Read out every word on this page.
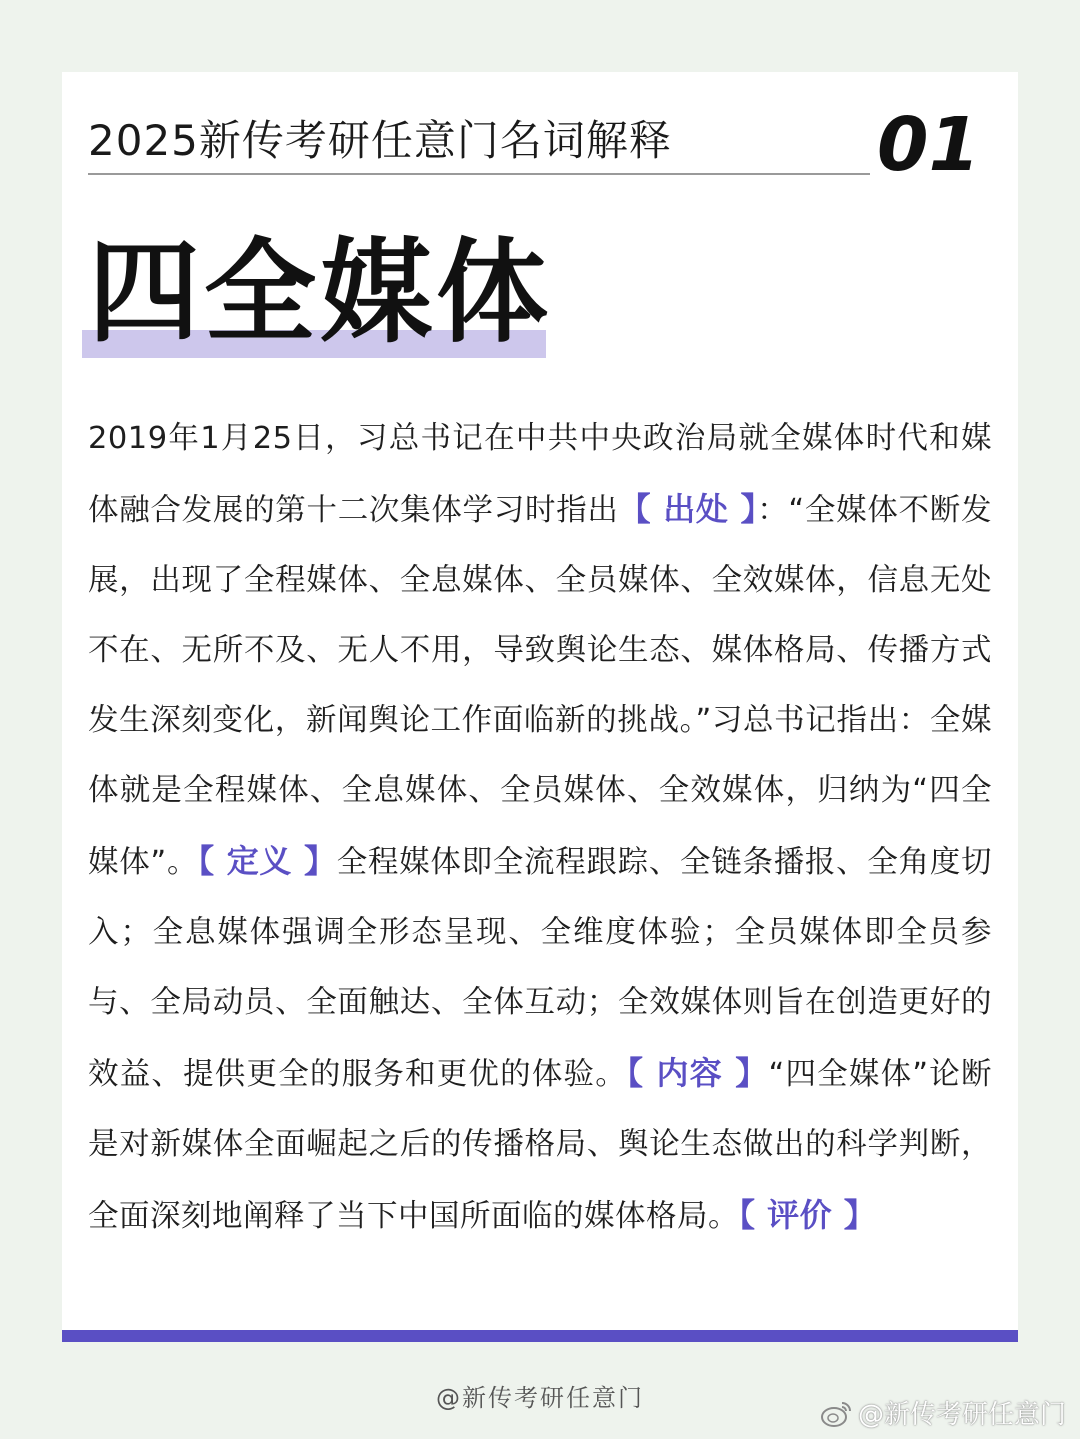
2025新传考研任意门名词解释	01
四全媒体
2019年1月25日，习总书记在中共中央政治局就全媒体时代和媒体融合发展的第十二次集体学习时指出【 出处 】：“全媒体不断发展，出现了全程媒体、全息媒体、全员媒体、全效媒体，信息无处不在、无所不及、无人不用，导致舆论生态、媒体格局、传播方式发生深刻变化，新闻舆论工作面临新的挑战。”习总书记指出：全媒体就是全程媒体、全息媒体、全员媒体、全效媒体，归纳为“四全媒体”。【 定义 】全程媒体即全流程跟踪、全链条播报、全角度切入；全息媒体强调全形态呈现、全维度体验；全员媒体即全员参与、全局动员、全面触达、全体互动；全效媒体则旨在创造更好的效益、提供更全的服务和更优的体验。【 内容 】“四全媒体”论断是对新媒体全面崛起之后的传播格局、舆论生态做出的科学判断，全面深刻地阐释了当下中国所面临的媒体格局。【 评价 】
@新传考研任意门
@新传考研任意门
